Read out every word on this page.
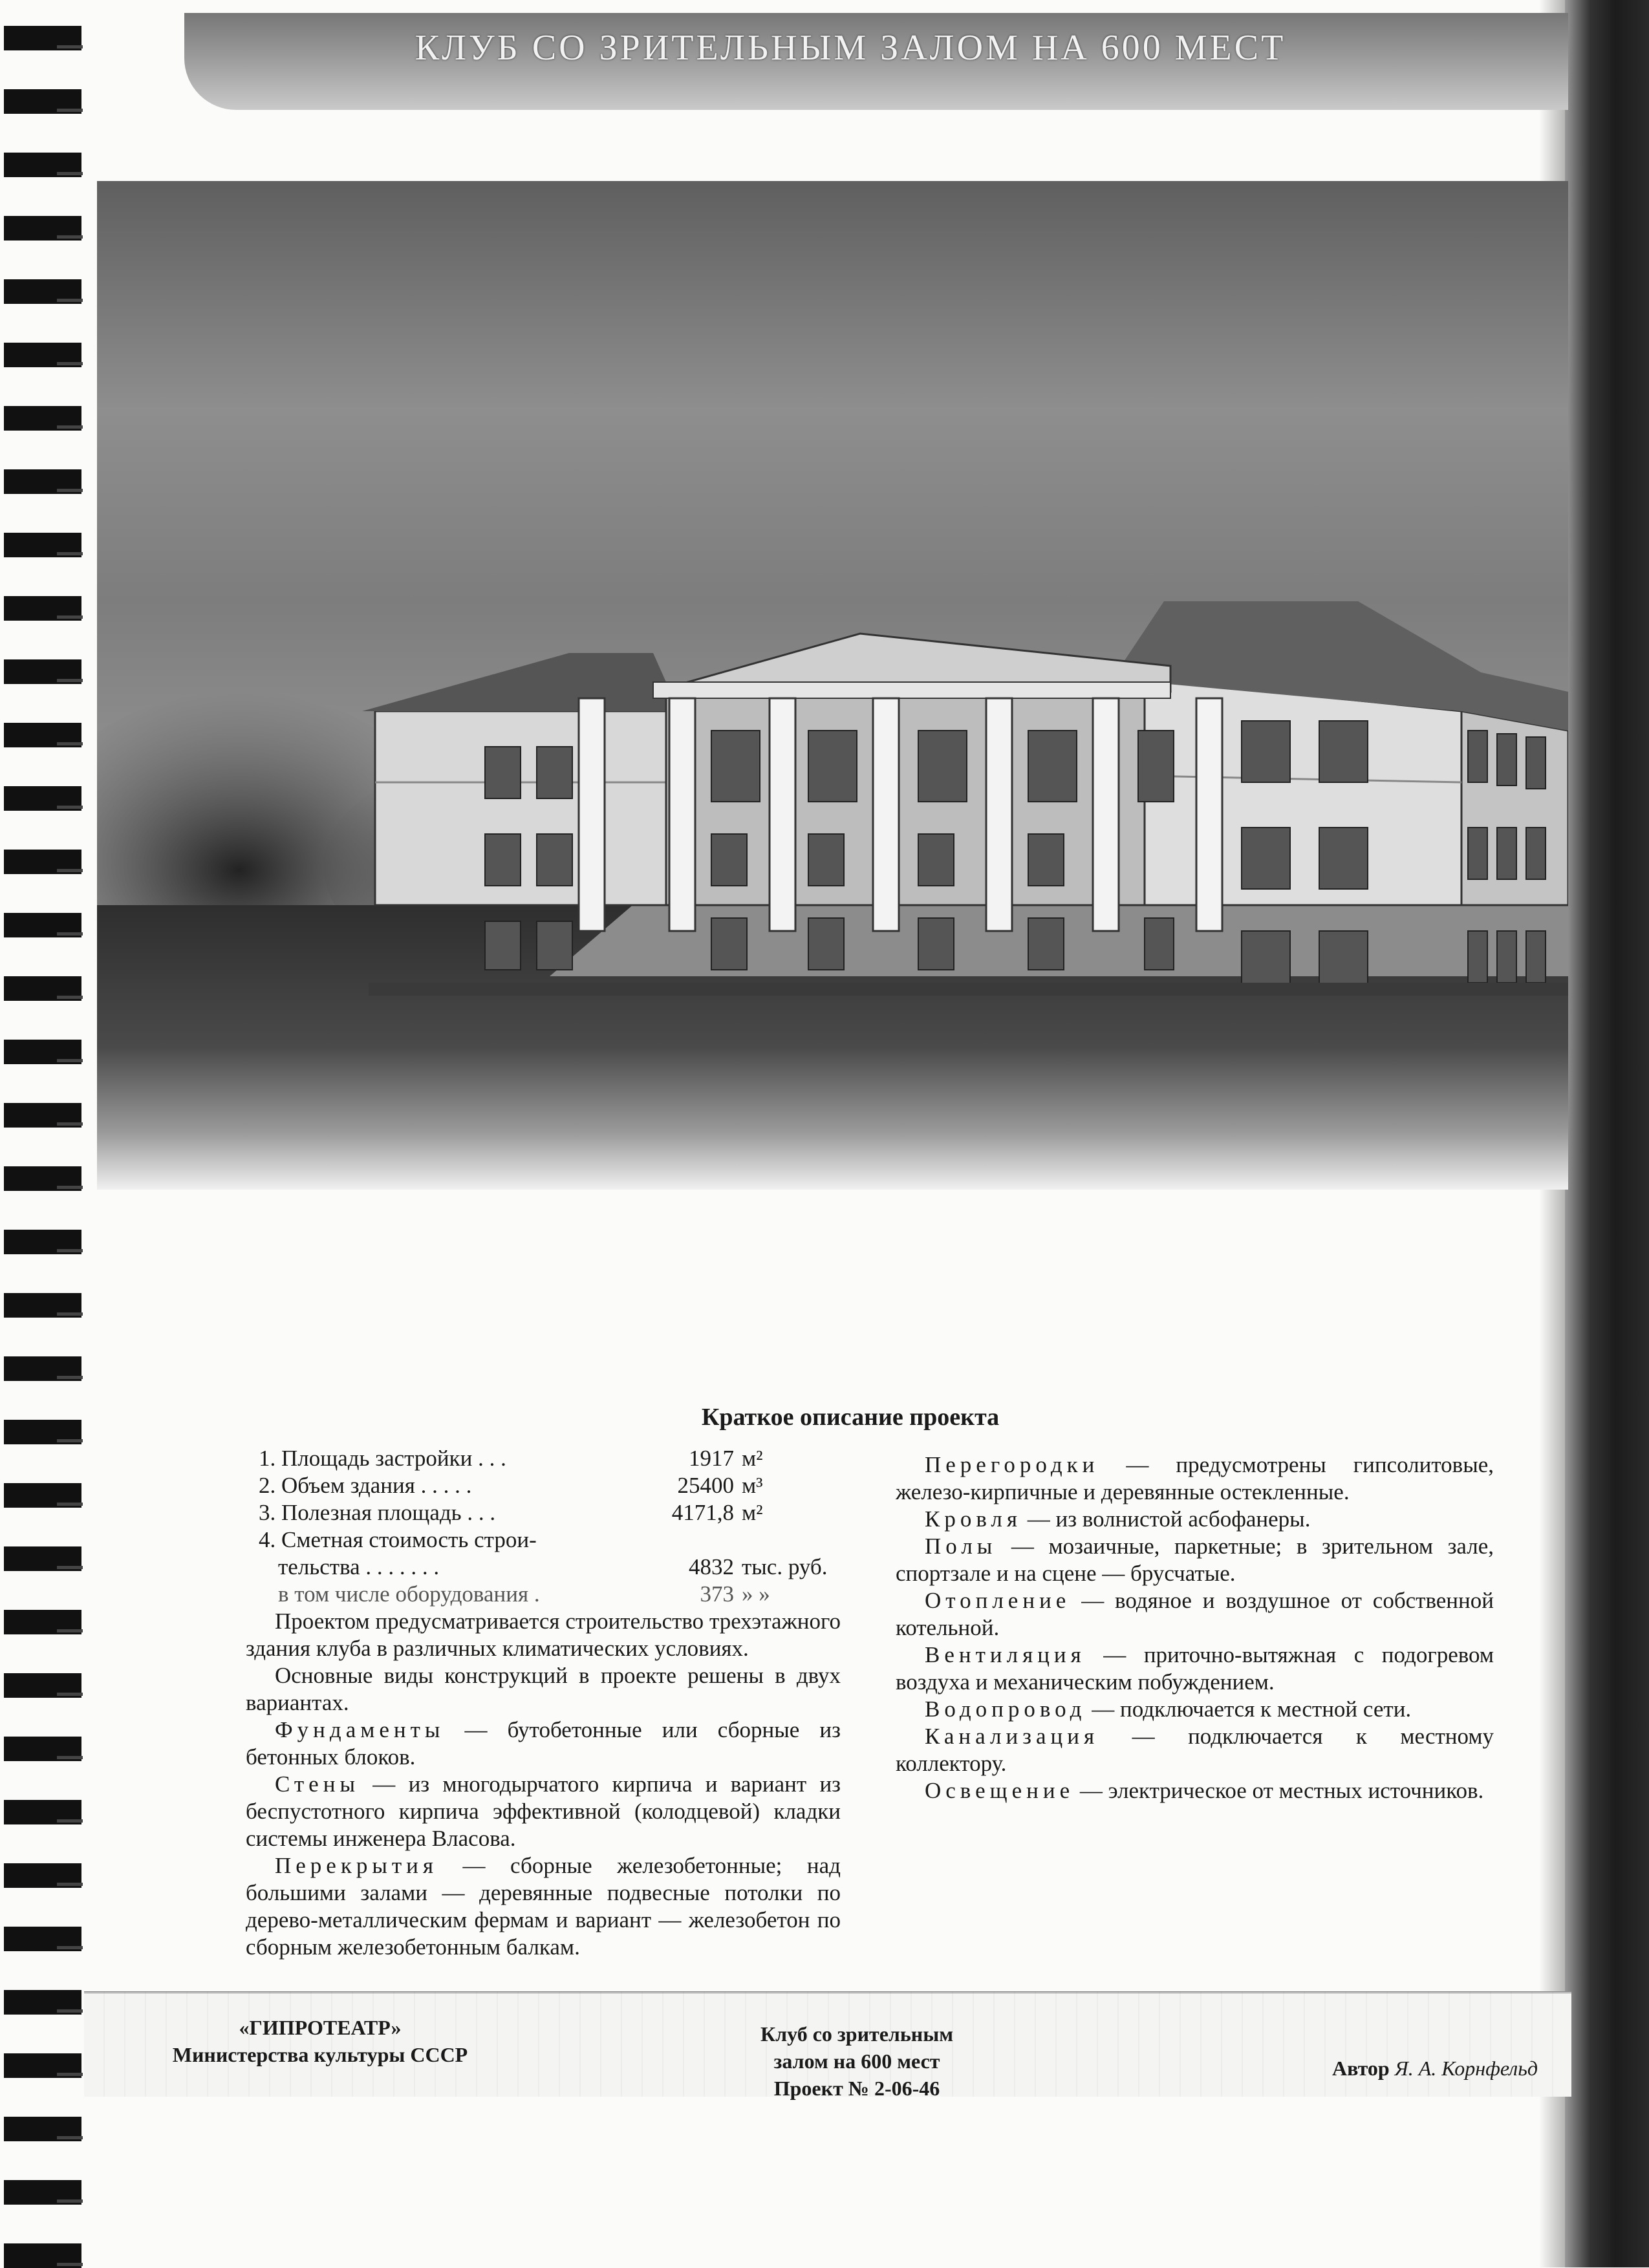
КЛУБ СО ЗРИТЕЛЬНЫМ ЗАЛОМ НА 600 МЕСТ
Краткое описание проекта
1. Площадь застройки . . .	1917 м²
2. Объем здания . . . . .	25400 м³
3. Полезная площадь . . .	4171,8 м²
4. Сметная стоимость строи-
тельства . . . . . . .	4832 тыс. руб.
в том числе оборудования .	373 » »

Проектом предусматривается строительство трехэтажного здания клуба в различных климатических условиях.

Основные виды конструкций в проекте решены в двух вариантах.

Фундаменты — бутобетонные или сборные из бетонных блоков.

Стены — из многодырчатого кирпича и вариант из беспустотного кирпича эффективной (колодцевой) кладки системы инженера Власова.

Перекрытия — сборные железобетонные; над большими залами — деревянные подвесные потолки по дерево-металлическим фермам и вариант — железобетон по сборным железобетонным балкам.

Перегородки — предусмотрены гипсолитовые, железо-кирпичные и деревянные остекленные.

Кровля — из волнистой асбофанеры.

Полы — мозаичные, паркетные; в зрительном зале, спортзале и на сцене — брусчатые.

Отопление — водяное и воздушное от собственной котельной.

Вентиляция — приточно-вытяжная с подогревом воздуха и механическим побуждением.

Водопровод — подключается к местной сети.

Канализация — подключается к местному коллектору.

Освещение — электрическое от местных источников.

«ГИПРОТЕАТР»
Министерства культуры СССР
Клуб со зрительным
залом на 600 мест
Проект № 2-06-46
Автор Я. А. Корнфельд
